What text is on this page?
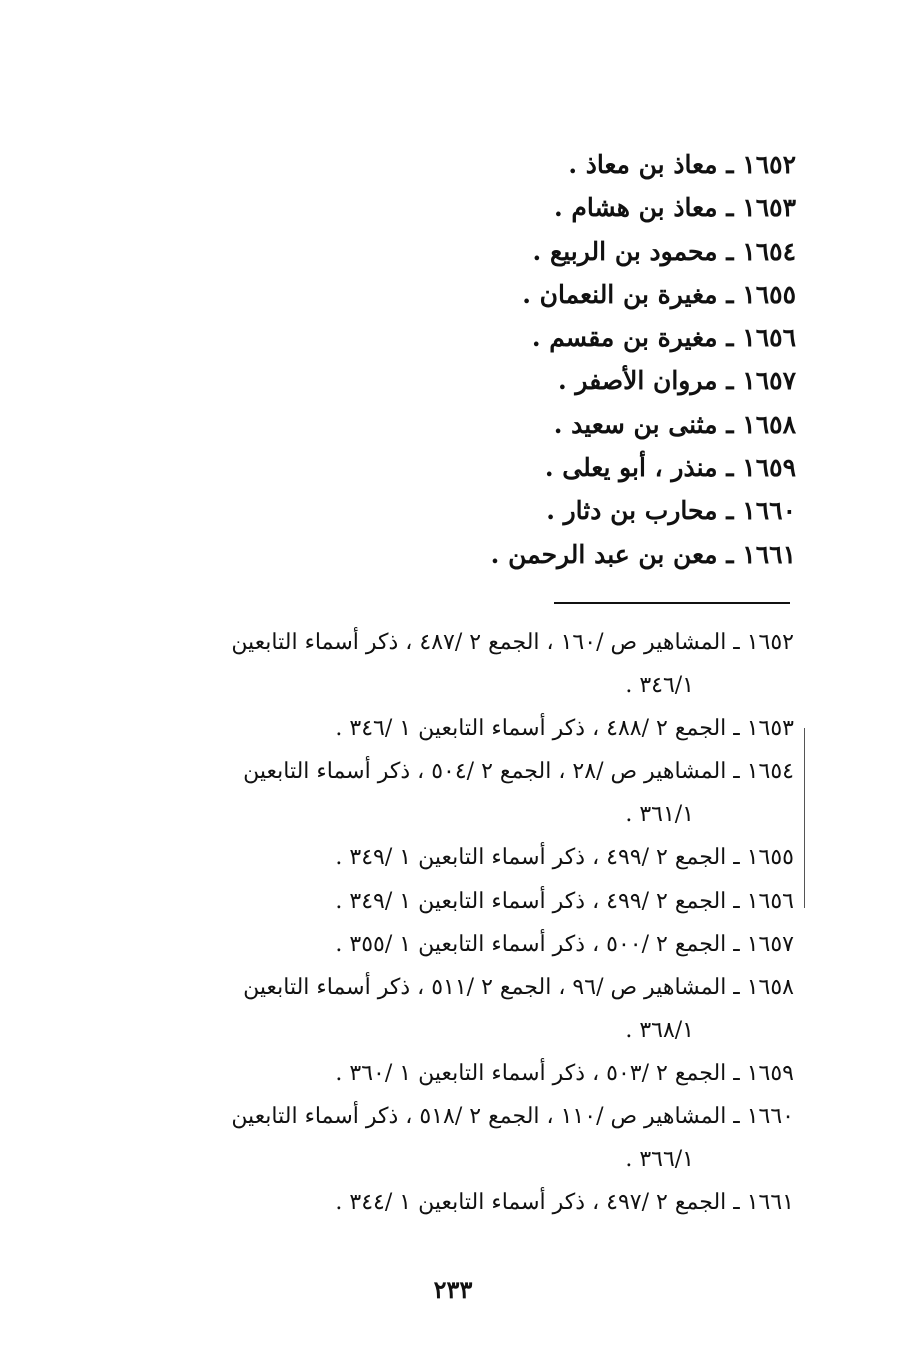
١٦٥٢ ـ معاذ بن معاذ .
١٦٥٣ ـ معاذ بن هشام .
١٦٥٤ ـ محمود بن الربيع .
١٦٥٥ ـ مغيرة بن النعمان .
١٦٥٦ ـ مغيرة بن مقسم .
١٦٥٧ ـ مروان الأصفر .
١٦٥٨ ـ مثنى بن سعيد .
١٦٥٩ ـ منذر ، أبو يعلى .
١٦٦٠ ـ محارب بن دثار .
١٦٦١ ـ معن بن عبد الرحمن .
١٦٥٢ ـ المشاهير ص /١٦٠ ، الجمع ٢ /٤٨٧ ، ذكر أسماء التابعين
٣٤٦/١ .
١٦٥٣ ـ الجمع ٢ /٤٨٨ ، ذكر أسماء التابعين ١ /٣٤٦ .
١٦٥٤ ـ المشاهير ص /٢٨ ، الجمع ٢ /٥٠٤ ، ذكر أسماء التابعين
٣٦١/١ .
١٦٥٥ ـ الجمع ٢ /٤٩٩ ، ذكر أسماء التابعين ١ /٣٤٩ .
١٦٥٦ ـ الجمع ٢ /٤٩٩ ، ذكر أسماء التابعين ١ /٣٤٩ .
١٦٥٧ ـ الجمع ٢ /٥٠٠ ، ذكر أسماء التابعين ١ /٣٥٥ .
١٦٥٨ ـ المشاهير ص /٩٦ ، الجمع ٢ /٥١١ ، ذكر أسماء التابعين
٣٦٨/١ .
١٦٥٩ ـ الجمع ٢ /٥٠٣ ، ذكر أسماء التابعين ١ /٣٦٠ .
١٦٦٠ ـ المشاهير ص /١١٠ ، الجمع ٢ /٥١٨ ، ذكر أسماء التابعين
٣٦٦/١ .
١٦٦١ ـ الجمع ٢ /٤٩٧ ، ذكر أسماء التابعين ١ /٣٤٤ .
٢٣٣
